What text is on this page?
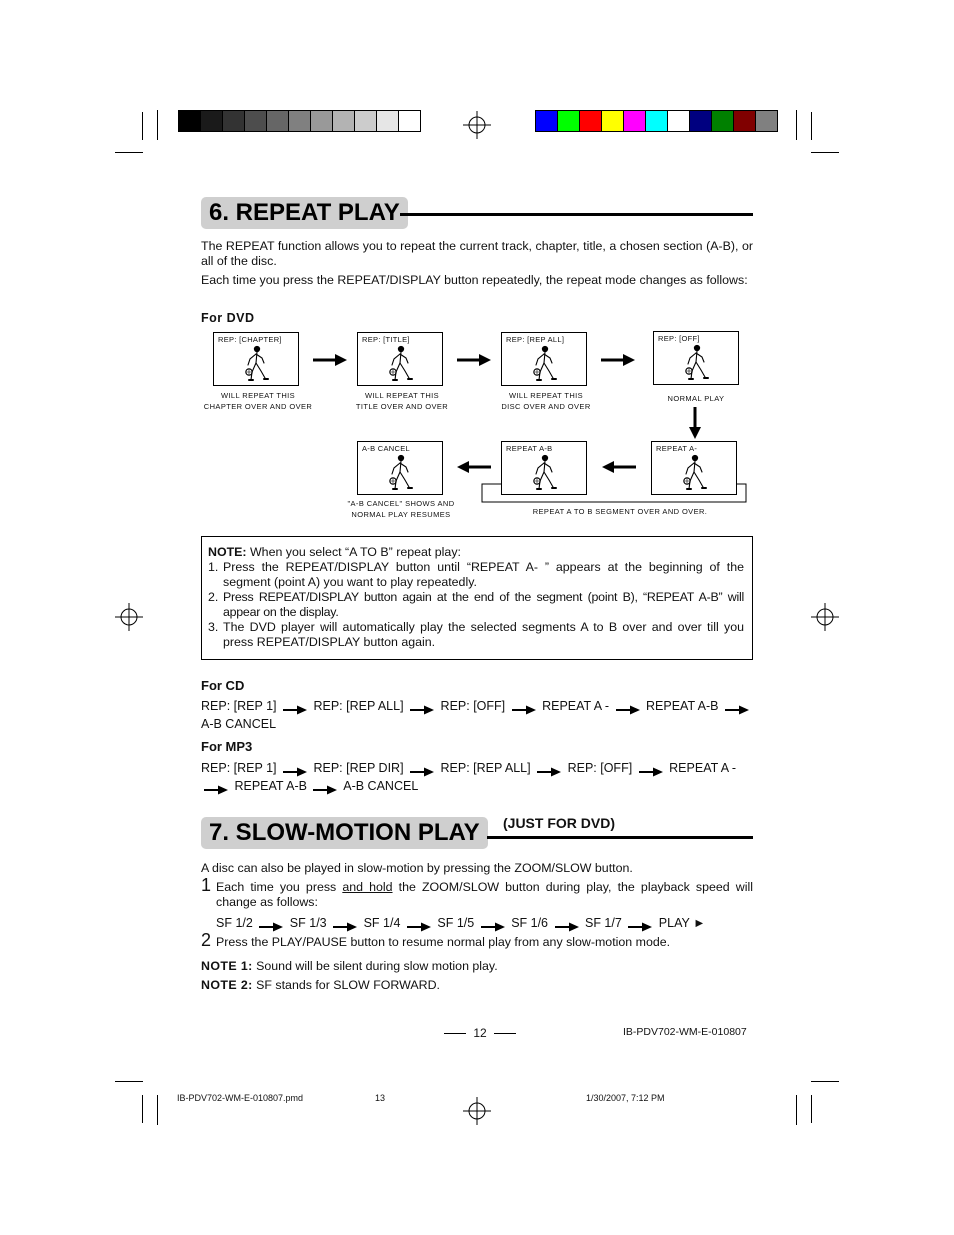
6. REPEAT PLAY
The REPEAT function allows you to repeat the current track, chapter, title, a chosen section (A-B), or all of the disc.
Each time you press the REPEAT/DISPLAY button repeatedly, the repeat mode changes as follows:
For DVD
REP: [CHAPTER]	REP: [TITLE]	REP: [REP ALL]	REP: [OFF]
WILL REPEAT THIS
CHAPTER OVER AND OVER
WILL REPEAT THIS
TITLE OVER AND OVER
WILL REPEAT THIS
DISC OVER AND OVER
NORMAL PLAY
A-B CANCEL	REPEAT A-B	REPEAT A-
"A-B CANCEL" SHOWS AND
NORMAL PLAY RESUMES	REPEAT A TO B SEGMENT OVER AND OVER.
NOTE: When you select “A TO B” repeat play:
1. Press the REPEAT/DISPLAY button until “REPEAT A- ” appears at the beginning of the segment (point A) you want to play repeatedly.
2. Press REPEAT/DISPLAY button again at the end of the segment (point B), “REPEAT A-B” will appear on the display.
3. The DVD player will automatically play the selected segments A to B over and over till you press REPEAT/DISPLAY button again.
For CD
REP: [REP 1]	REP: [REP ALL]	REP: [OFF]	REPEAT A -	REPEAT A-B  A-B CANCEL
For MP3
REP: [REP 1]	REP: [REP DIR]	REP: [REP ALL]	REP: [OFF]	REPEAT A -  REPEAT A-B	A-B CANCEL
7. SLOW-MOTION PLAY	(JUST FOR DVD)
A disc can also be played in slow-motion by pressing the ZOOM/SLOW button.
1 Each time you press and hold the ZOOM/SLOW button during play, the playback speed will change as follows:
SF 1/2	SF 1/3	SF 1/4	SF 1/5	SF 1/6	SF 1/7	PLAY ►
2 Press the PLAY/PAUSE button to resume normal play from any slow-motion mode.
NOTE 1: Sound will be silent during slow motion play.
NOTE 2: SF stands for SLOW FORWARD.
12	IB-PDV702-WM-E-010807
IB-PDV702-WM-E-010807.pmd	13	1/30/2007, 7:12 PM
